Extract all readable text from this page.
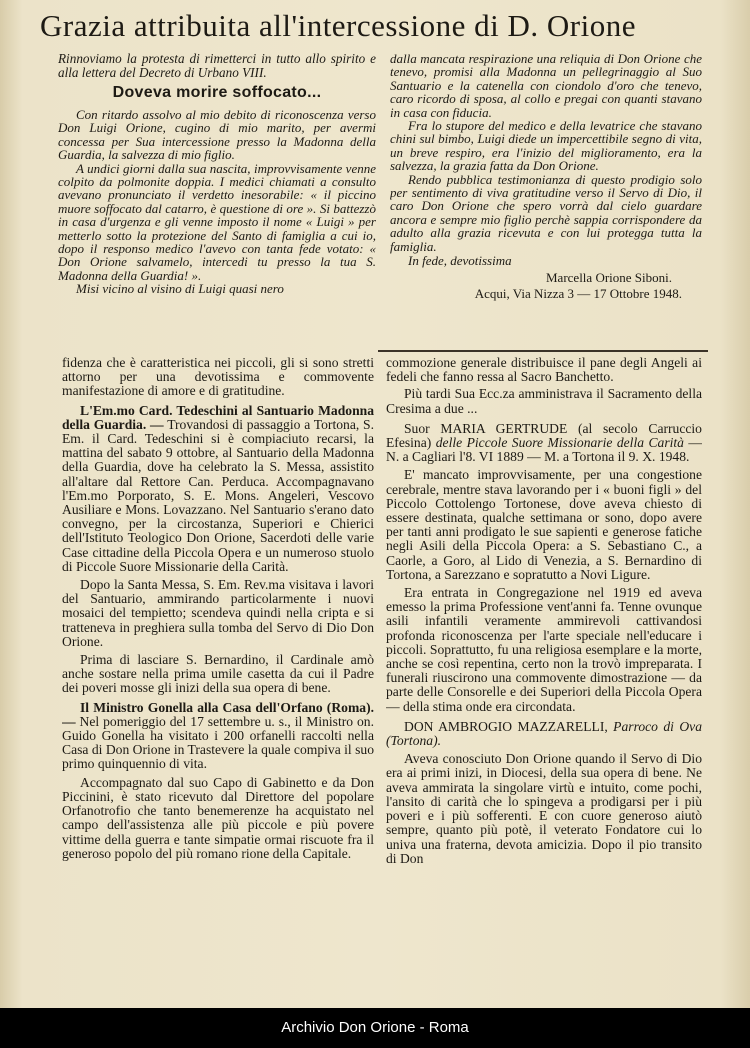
Grazia attribuita all'intercessione di D. Orione

Rinnoviamo la protesta di rimetterci in tutto allo spirito e alla lettera del Decreto di Urbano VIII.

Doveva morire soffocato...

Con ritardo assolvo al mio debito di riconoscenza verso Don Luigi Orione, cugino di mio marito, per avermi concessa per Sua intercessione presso la Madonna della Guardia, la salvezza di mio figlio.

A undici giorni dalla sua nascita, improvvisamente venne colpito da polmonite doppia. I medici chiamati a consulto avevano pronunciato il verdetto inesorabile: « il piccino muore soffocato dal catarro, è questione di ore ». Si battezzò in casa d'urgenza e gli venne imposto il nome « Luigi » per metterlo sotto la protezione del Santo di famiglia a cui io, dopo il responso medico l'avevo con tanta fede votato: « Don Orione salvamelo, intercedi tu presso la tua S. Madonna della Guardia! ».

Misi vicino al visino di Luigi quasi nero

dalla mancata respirazione una reliquia di Don Orione che tenevo, promisi alla Madonna un pellegrinaggio al Suo Santuario e la catenella con ciondolo d'oro che tenevo, caro ricordo di sposa, al collo e pregai con quanti stavano in casa con fiducia.

Fra lo stupore del medico e della levatrice che stavano chini sul bimbo, Luigi diede un impercettibile segno di vita, un breve respiro, era l'inizio del miglioramento, era la salvezza, la grazia fatta da Don Orione.

Rendo pubblica testimonianza di questo prodigio solo per sentimento di viva gratitudine verso il Servo di Dio, il caro Don Orione che spero vorrà dal cielo guardare ancora e sempre mio figlio perchè sappia corrispondere da adulto alla grazia ricevuta e con lui proteggа tutta la famiglia.

In fede, devotissima

Marcella Orione Siboni.

Acqui, Via Nizza 3 — 17 Ottobre 1948.

fidenza che è caratteristica nei piccoli, gli si sono stretti attorno per una devotissima e commovente manifestazione di amore e di gratitudine.

L'Em.mo Card. Tedeschini al Santuario Madonna della Guardia. — Trovandosi di passaggio a Tortona, S. Em. il Card. Tedeschini si è compiaciuto recarsi, la mattina del sabato 9 ottobre, al Santuario della Madonna della Guardia, dove ha celebrato la S. Messa, assistito all'altare dal Rettore Can. Perduca. Accompagnavano l'Em.mo Porporato, S. E. Mons. Angeleri, Vescovo Ausiliare e Mons. Lovazzano. Nel Santuario s'erano dato convegno, per la circostanza, Superiori e Chierici dell'Istituto Teologico Don Orione, Sacerdoti delle varie Case cittadine della Piccola Opera e un numeroso stuolo di Piccole Suore Missionarie della Carità.

Dopo la Santa Messa, S. Em. Rev.ma visitava i lavori del Santuario, ammirando particolarmente i nuovi mosaici del tempietto; scendeva quindi nella cripta e si tratteneva in preghiera sulla tomba del Servo di Dio Don Orione.

Prima di lasciare S. Bernardino, il Cardinale amò anche sostare nella prima umile casetta da cui il Padre dei poveri mosse gli inizi della sua opera di bene.

Il Ministro Gonella alla Casa dell'Orfano (Roma). — Nel pomeriggio del 17 settembre u. s., il Ministro on. Guido Gonella ha visitato i 200 orfanelli raccolti nella Casa di Don Orione in Trastevere la quale compiva il suo primo quinquennio di vita.

Accompagnato dal suo Capo di Gabinetto e da Don Piccinini, è stato ricevuto dal Direttore del popolare Orfanotrofio che tanto benemerenze ha acquistato nel campo dell'assistenza alle più piccole e più povere vittime della guerra e tante simpatie ormai riscuote fra il generoso popolo del più romano rione della Capitale.

commozione generale distribuisce il pane degli Angeli ai fedeli che fanno ressa al Sacro Banchetto.

Più tardi Sua Ecc.za amministrava il Sacramento della Cresima a due ...

Suor MARIA GERTRUDE (al secolo Carruccio Efesina) delle Piccole Suore Missionarie della Carità — N. a Cagliari l'8. VI 1889 — M. a Tortona il 9. X. 1948.

E' mancato improvvisamente, per una congestione cerebrale, mentre stava lavorando per i « buoni figli » del Piccolo Cottolengo Tortonese, dove aveva chiesto di essere destinata, qualche settimana or sono, dopo avere per tanti anni prodigato le sue sapienti e generose fatiche negli Asili della Piccola Opera: a S. Sebastiano C., a Caorle, a Goro, al Lido di Venezia, a S. Bernardino di Tortona, a Sarezzano e sopratutto a Novi Ligure.

Era entrata in Congregazione nel 1919 ed aveva emesso la prima Professione vent'anni fa. Tenne ovunque asili infantili veramente ammirevoli cattivandosi profonda riconoscenza per l'arte speciale nell'educare i piccoli. Soprattutto, fu una religiosa esemplare e la morte, anche se così repentina, certo non la trovò impreparata. I funerali riuscirono una commovente dimostrazione — da parte delle Consorelle e dei Superiori della Piccola Opera — della stima onde era circondata.

DON AMBROGIO MAZZARELLI, Parroco di Ova (Tortona).

Aveva conosciuto Don Orione quando il Servo di Dio era ai primi inizi, in Diocesi, della sua opera di bene. Ne aveva ammirata la singolare virtù e intuito, come pochi, l'ansito di carità che lo spingeva a prodigarsi per i più poveri e i più sofferenti. E con cuore generoso aiutò sempre, quanto più potè, il veterato Fondatore cui lo univa una fraterna, devota amicizia. Dopo il pio transito di Don

Archivio Don Orione - Roma
